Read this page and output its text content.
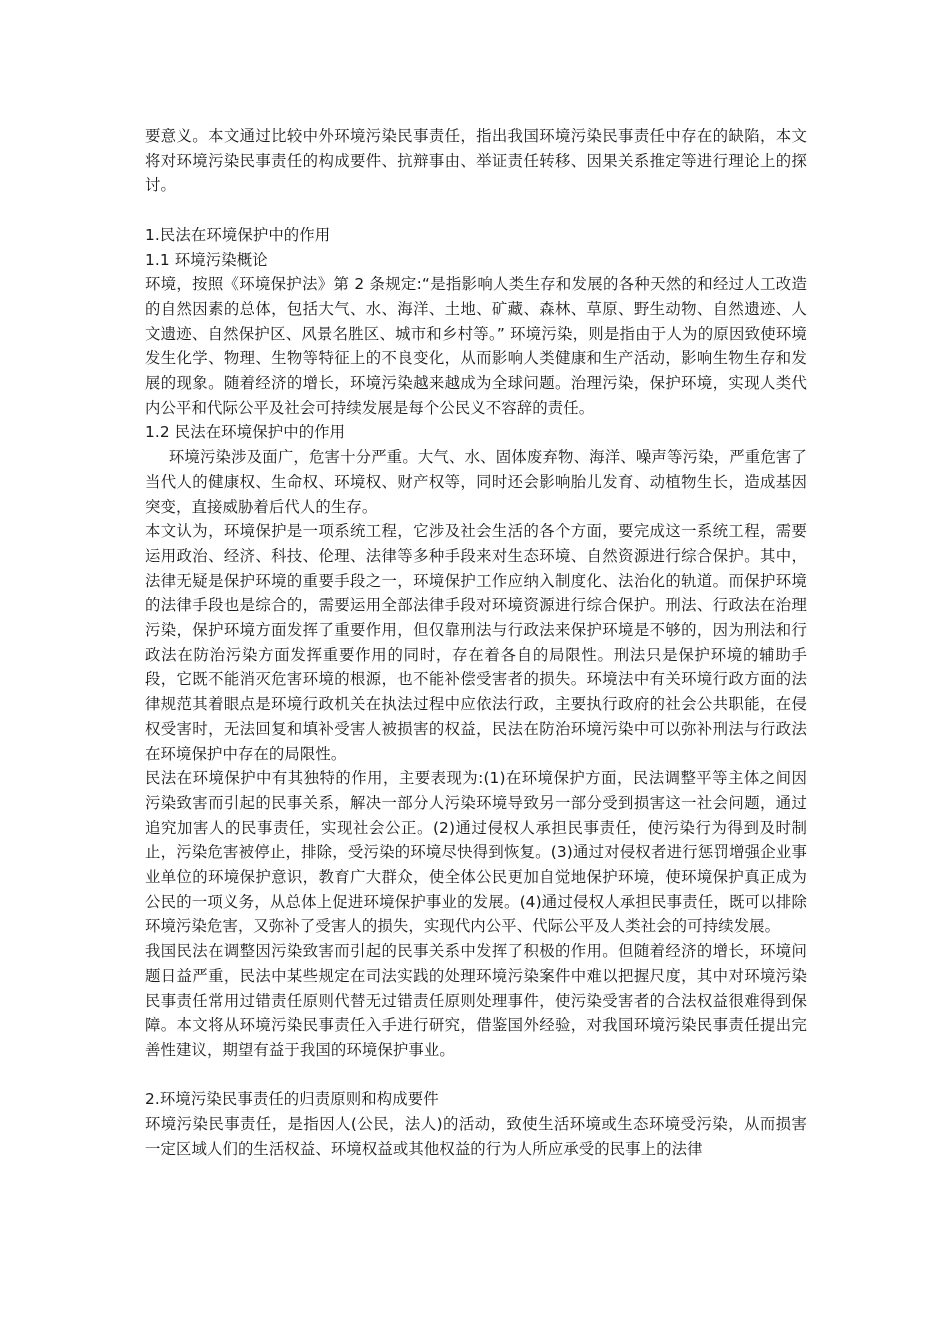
要意义。本文通过比较中外环境污染民事责任，指出我国环境污染民事责任中存在的缺陷，本文将对环境污染民事责任的构成要件、抗辩事由、举证责任转移、因果关系推定等进行理论上的探讨。

1.民法在环境保护中的作用

1.1 环境污染概论

环境，按照《环境保护法》第 2 条规定:“是指影响人类生存和发展的各种天然的和经过人工改造的自然因素的总体，包括大气、水、海洋、土地、矿藏、森林、草原、野生动物、自然遗迹、人文遗迹、自然保护区、风景名胜区、城市和乡村等。” 环境污染，则是指由于人为的原因致使环境发生化学、物理、生物等特征上的不良变化，从而影响人类健康和生产活动，影响生物生存和发展的现象。随着经济的增长，环境污染越来越成为全球问题。治理污染，保护环境，实现人类代内公平和代际公平及社会可持续发展是每个公民义不容辞的责任。

1.2 民法在环境保护中的作用

环境污染涉及面广，危害十分严重。大气、水、固体废弃物、海洋、噪声等污染，严重危害了当代人的健康权、生命权、环境权、财产权等，同时还会影响胎儿发育、动植物生长，造成基因突变，直接威胁着后代人的生存。

本文认为，环境保护是一项系统工程，它涉及社会生活的各个方面，要完成这一系统工程，需要运用政治、经济、科技、伦理、法律等多种手段来对生态环境、自然资源进行综合保护。其中，法律无疑是保护环境的重要手段之一，环境保护工作应纳入制度化、法治化的轨道。而保护环境的法律手段也是综合的，需要运用全部法律手段对环境资源进行综合保护。刑法、行政法在治理污染，保护环境方面发挥了重要作用，但仅靠刑法与行政法来保护环境是不够的，因为刑法和行政法在防治污染方面发挥重要作用的同时，存在着各自的局限性。刑法只是保护环境的辅助手段，它既不能消灭危害环境的根源，也不能补偿受害者的损失。环境法中有关环境行政方面的法律规范其着眼点是环境行政机关在执法过程中应依法行政，主要执行政府的社会公共职能，在侵权受害时，无法回复和填补受害人被损害的权益，民法在防治环境污染中可以弥补刑法与行政法在环境保护中存在的局限性。

民法在环境保护中有其独特的作用，主要表现为:(1)在环境保护方面，民法调整平等主体之间因污染致害而引起的民事关系，解决一部分人污染环境导致另一部分受到损害这一社会问题，通过追究加害人的民事责任，实现社会公正。(2)通过侵权人承担民事责任，使污染行为得到及时制止，污染危害被停止，排除，受污染的环境尽快得到恢复。(3)通过对侵权者进行惩罚增强企业事业单位的环境保护意识，教育广大群众，使全体公民更加自觉地保护环境，使环境保护真正成为公民的一项义务，从总体上促进环境保护事业的发展。(4)通过侵权人承担民事责任，既可以排除环境污染危害，又弥补了受害人的损失，实现代内公平、代际公平及人类社会的可持续发展。

我国民法在调整因污染致害而引起的民事关系中发挥了积极的作用。但随着经济的增长，环境问题日益严重，民法中某些规定在司法实践的处理环境污染案件中难以把握尺度，其中对环境污染民事责任常用过错责任原则代替无过错责任原则处理事件，使污染受害者的合法权益很难得到保障。本文将从环境污染民事责任入手进行研究，借鉴国外经验，对我国环境污染民事责任提出完善性建议，期望有益于我国的环境保护事业。

2.环境污染民事责任的归责原则和构成要件

环境污染民事责任，是指因人(公民，法人)的活动，致使生活环境或生态环境受污染，从而损害一定区域人们的生活权益、环境权益或其他权益的行为人所应承受的民事上的法律
